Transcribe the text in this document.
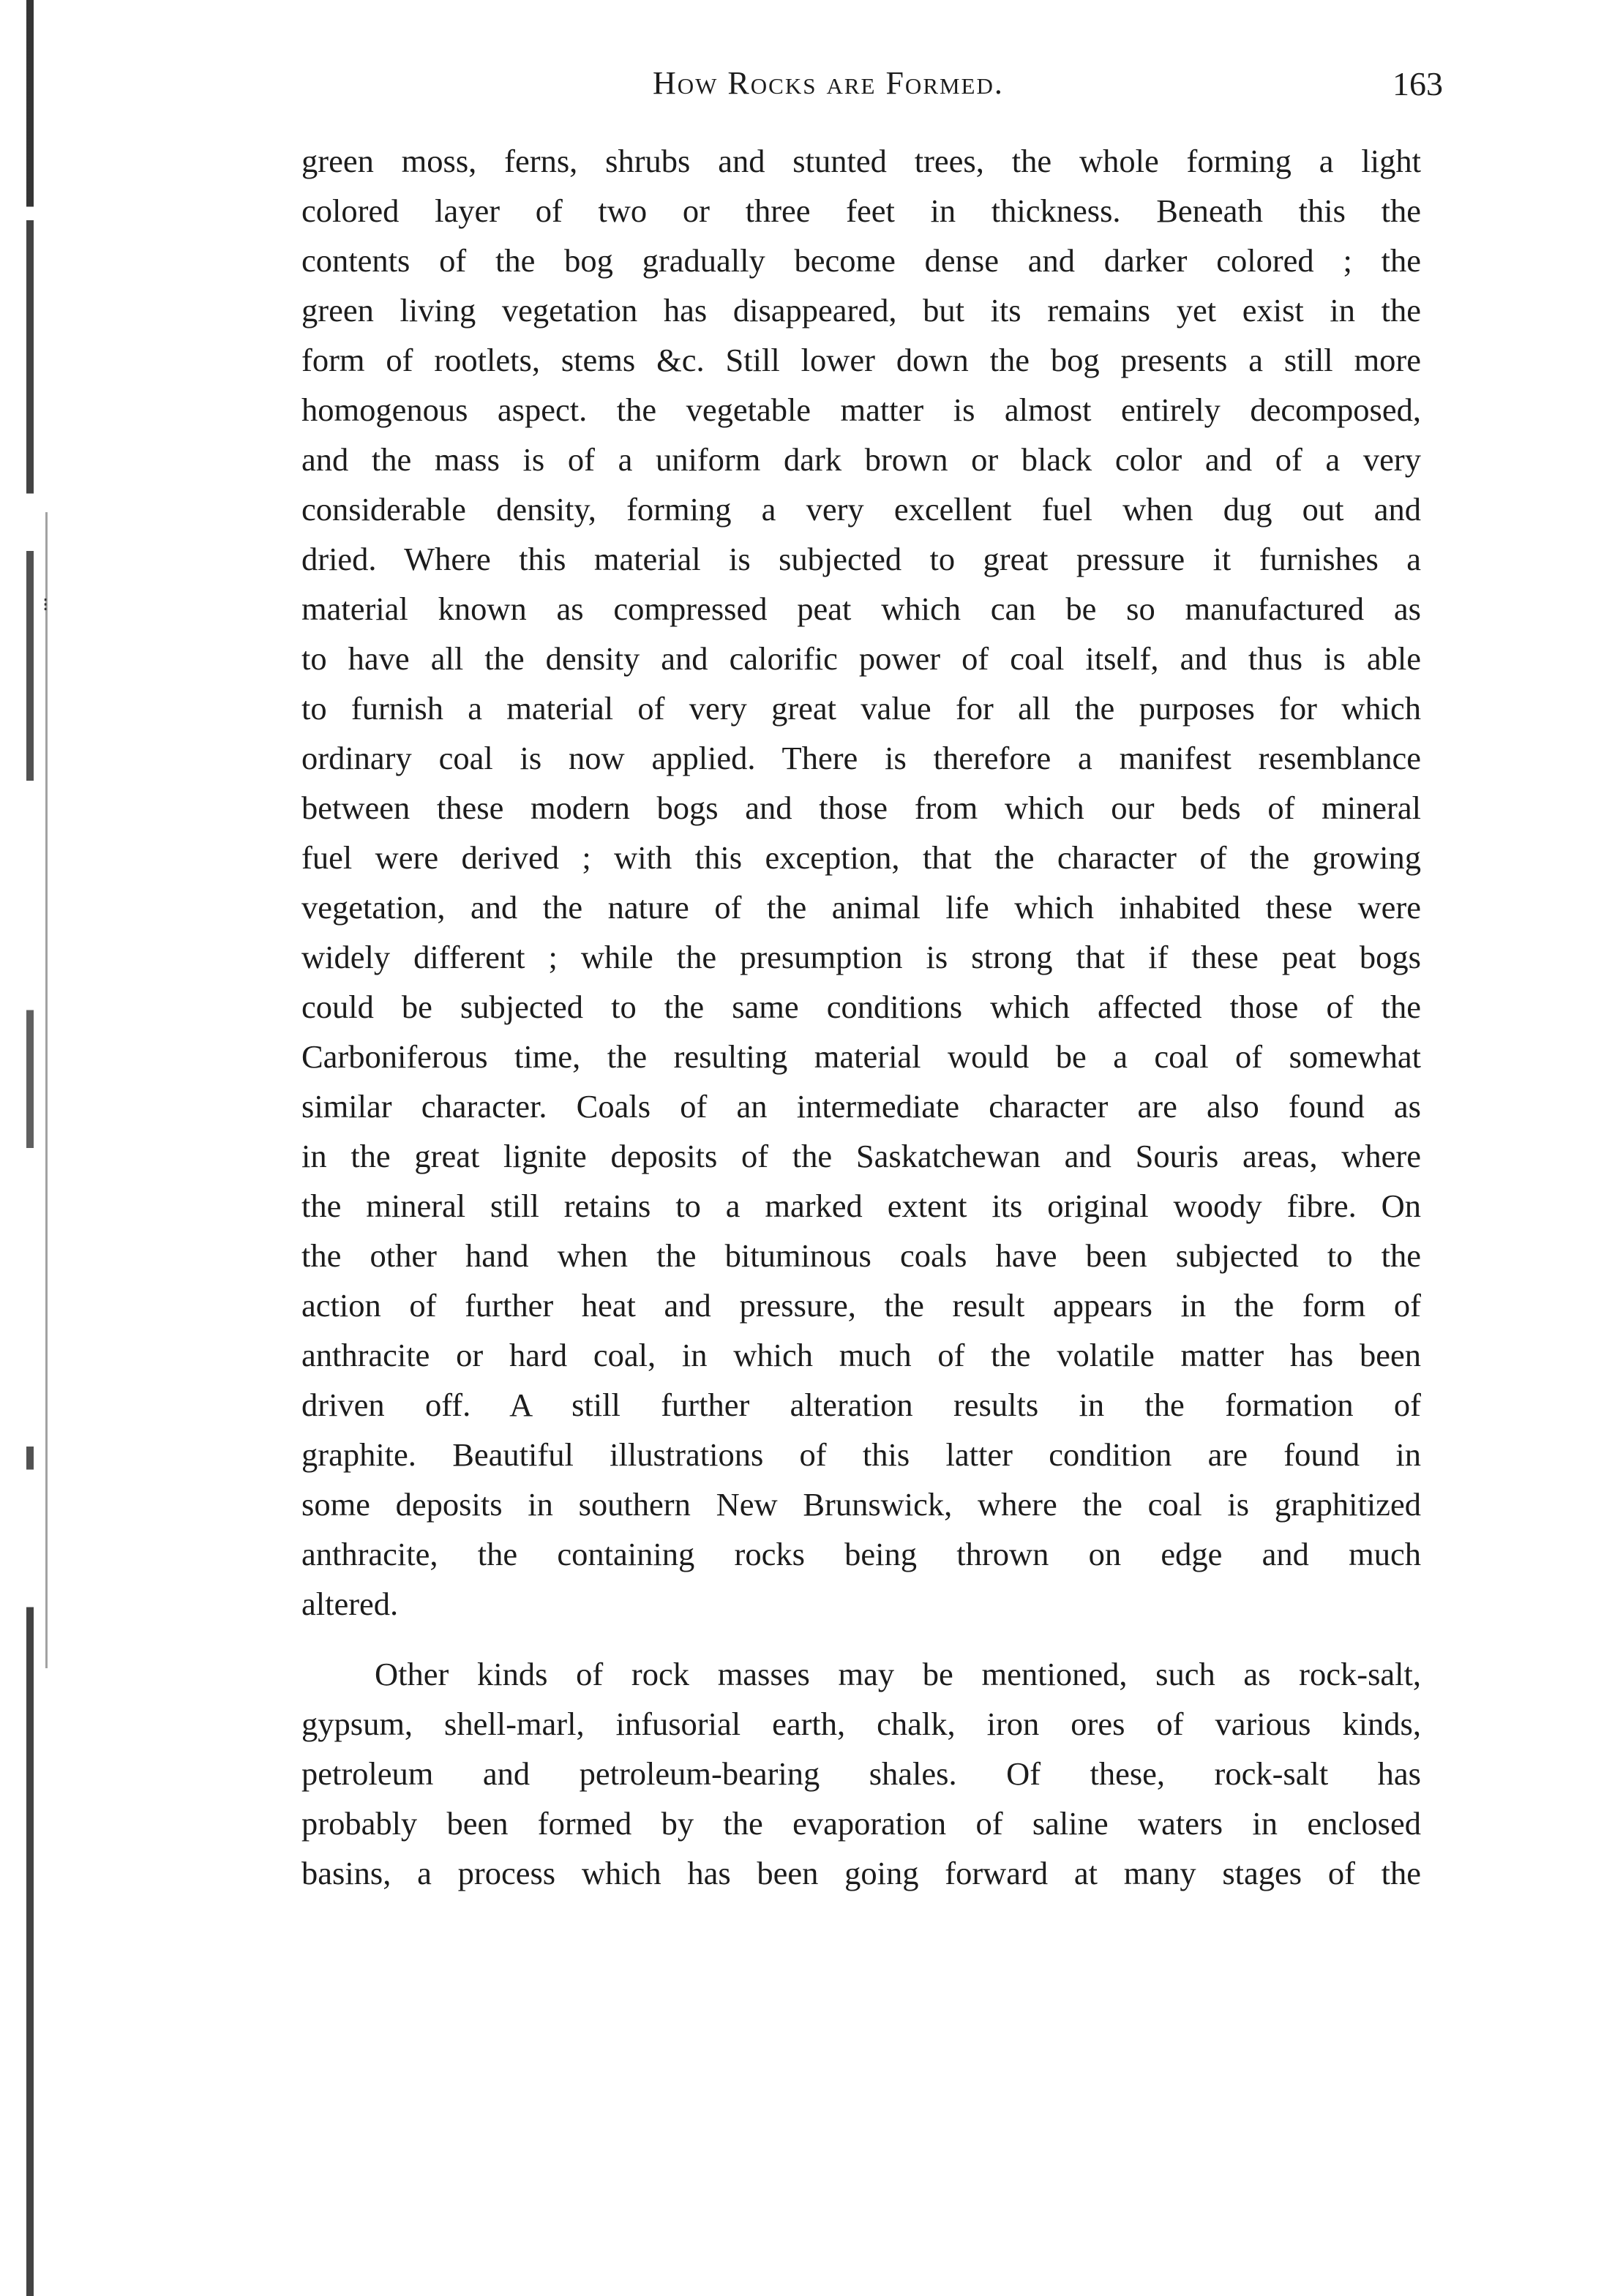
⁝
How Rocks are Formed.	163
green moss, ferns, shrubs and stunted trees, the whole forming a light
colored layer of two or three feet in thickness. Beneath this the
contents of the bog gradually become dense and darker colored ; the
green living vegetation has disappeared, but its remains yet exist in the
form of rootlets, stems &c. Still lower down the bog presents a still more
homogenous aspect. the vegetable matter is almost entirely decomposed,
and the mass is of a uniform dark brown or black color and of a very
considerable density, forming a very excellent fuel when dug out and
dried. Where this material is subjected to great pressure it furnishes a
material known as compressed peat which can be so manufactured as
to have all the density and calorific power of coal itself, and thus is able
to furnish a material of very great value for all the purposes for which
ordinary coal is now applied. There is therefore a manifest resemblance
between these modern bogs and those from which our beds of mineral
fuel were derived ; with this exception, that the character of the growing
vegetation, and the nature of the animal life which inhabited these were
widely different ; while the presumption is strong that if these peat bogs
could be subjected to the same conditions which affected those of the
Carboniferous time, the resulting material would be a coal of somewhat
similar character. Coals of an intermediate character are also found as
in the great lignite deposits of the Saskatchewan and Souris areas, where
the mineral still retains to a marked extent its original woody fibre. On
the other hand when the bituminous coals have been subjected to the
action of further heat and pressure, the result appears in the form of
anthracite or hard coal, in which much of the volatile matter has been
driven off. A still further alteration results in the formation of
graphite. Beautiful illustrations of this latter condition are found in
some deposits in southern New Brunswick, where the coal is graphitized
anthracite, the containing rocks being thrown on edge and much
altered.
Other kinds of rock masses may be mentioned, such as rock-salt,
gypsum, shell-marl, infusorial earth, chalk, iron ores of various kinds,
petroleum and petroleum-bearing shales. Of these, rock-salt has
probably been formed by the evaporation of saline waters in enclosed
basins, a process which has been going forward at many stages of the
